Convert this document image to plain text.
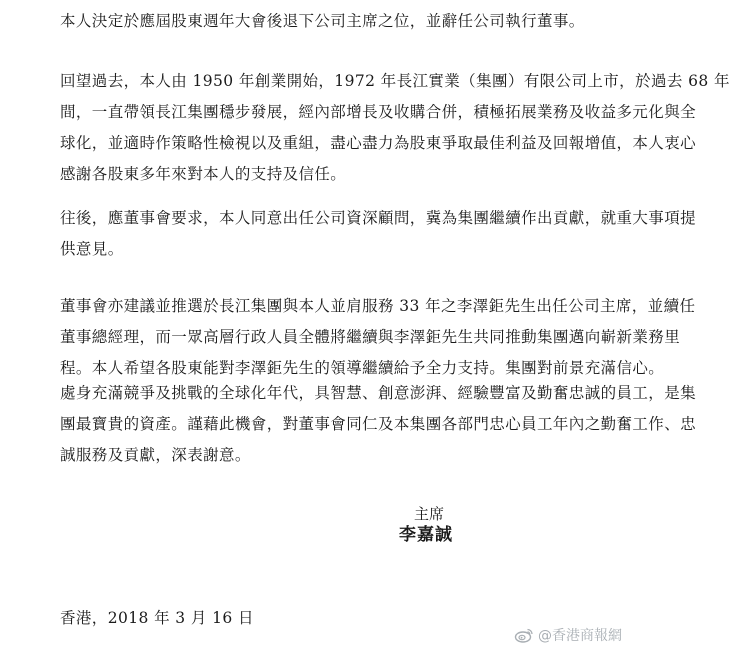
本人決定於應屆股東週年大會後退下公司主席之位，並辭任公司執行董事。

回望過去，本人由 1950 年創業開始，1972 年長江實業（集團）有限公司上市，於過去 68 年
間，一直帶領長江集團穩步發展，經內部增長及收購合併，積極拓展業務及收益多元化與全
球化，並適時作策略性檢視以及重組，盡心盡力為股東爭取最佳利益及回報增值，本人衷心
感謝各股東多年來對本人的支持及信任。

往後，應董事會要求，本人同意出任公司資深顧問，冀為集團繼續作出貢獻，就重大事項提
供意見。

董事會亦建議並推選於長江集團與本人並肩服務 33 年之李澤鉅先生出任公司主席，並續任
董事總經理，而一眾高層行政人員全體將繼續與李澤鉅先生共同推動集團邁向嶄新業務里
程。本人希望各股東能對李澤鉅先生的領導繼續給予全力支持。集團對前景充滿信心。

處身充滿競爭及挑戰的全球化年代，具智慧、創意澎湃、經驗豐富及勤奮忠誠的員工，是集
團最寶貴的資產。謹藉此機會，對董事會同仁及本集團各部門忠心員工年內之勤奮工作、忠
誠服務及貢獻，深表謝意。

主席
李嘉誠
香港，2018 年 3 月 16 日
@香港商報網
